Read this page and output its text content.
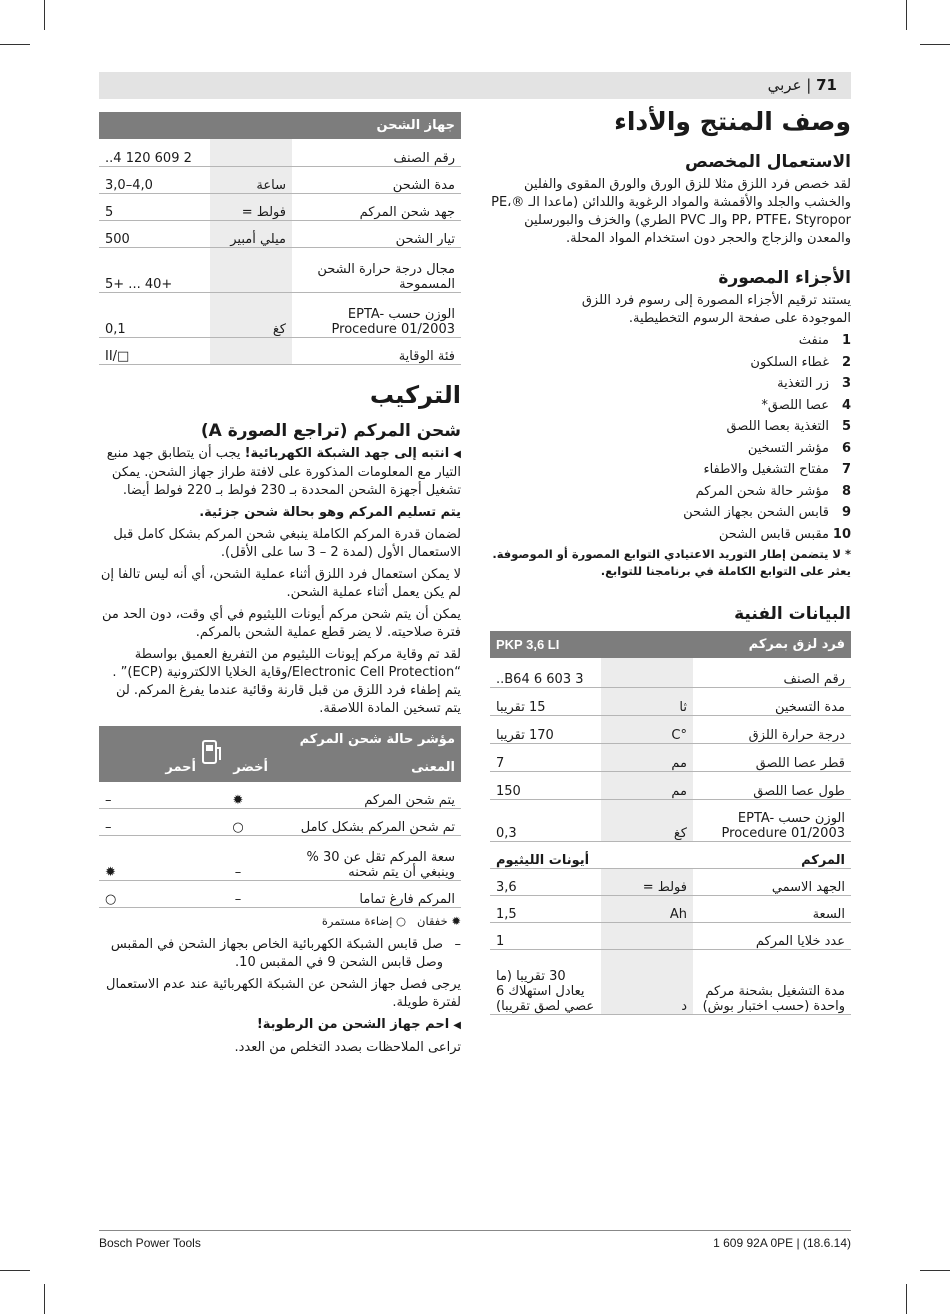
71 | عربي
وصف المنتج والأداء
الاستعمال المخصص

لقد خصص فرد اللزق مثلا للزق الورق والورق المقوى والفلين والخشب والجلد والأقمشة والمواد الرغوية واللدائن (ماعدا الـ ®PE، PP، PTFE، Styropor والـ PVC الطري) والخزف والبورسلين والمعدن والزجاج والحجر دون استخدام المواد المحلة.

الأجزاء المصورة

يستند ترقيم الأجزاء المصورة إلى رسوم فرد اللزق الموجودة على صفحة الرسوم التخطيطية.

1منفث
2غطاء السلكون
3زر التغذية
4عصا اللصق*
5التغذية بعصا اللصق
6مؤشر التسخين
7مفتاح التشغيل والاطفاء
8مؤشر حالة شحن المركم
9قابس الشحن بجهاز الشحن
10مقبس قابس الشحن

* لا يتضمن إطار التوريد الاعتيادي التوابع المصورة أو الموصوفة. يعثر على التوابع الكاملة في برنامجنا للتوابع.

البيانات الفنية
فرد لزق بمركم		PKP 3,6 LI
رقم الصنف		3 603 B64 6..
مدة التسخين	ثا	15 تقريبا
درجة حرارة اللزق	°C	170 تقريبا
قطر عصا اللصق	مم	7
طول عصا اللصق	مم	150
الوزن حسب EPTA-Procedure 01/2003	كغ	0,3
المركم		أيونات الليثيوم
الجهد الاسمي	فولط =	3,6
السعة	Ah	1,5
عدد خلايا المركم		1
مدة التشغيل بشحنة مركم واحدة (حسب اختبار بوش)	د	30 تقريبا (ما يعادل استهلاك 6 عصي لصق تقريبا)
جهاز الشحن		
رقم الصنف		2 609 120 4..
مدة الشحن	ساعة	4,0–3,0
جهد شحن المركم	فولط =	5
تيار الشحن	ميلي أمبير	500
مجال درجة حرارة الشحن المسموحة		+40 ... +5
الوزن حسب EPTA-Procedure 01/2003	كغ	0,1
فئة الوقاية		□/II
التركيب
شحن المركم (تراجع الصورة A)

◀ انتبه إلى جهد الشبكة الكهربائية! يجب أن يتطابق جهد منبع التيار مع المعلومات المذكورة على لافتة طراز جهاز الشحن. يمكن تشغيل أجهزة الشحن المحددة بـ 230 فولط بـ 220 فولط أيضا.

يتم تسليم المركم وهو بحالة شحن جزئية.

لضمان قدرة المركم الكاملة ينبغي شحن المركم بشكل كامل قبل الاستعمال الأول (لمدة 2 – 3 سا على الأقل).

لا يمكن استعمال فرد اللزق أثناء عملية الشحن، أي أنه ليس تالفا إن لم يكن يعمل أثناء عملية الشحن.

يمكن أن يتم شحن مركم أيونات الليثيوم في أي وقت، دون الحد من فترة صلاحيته. لا يضر قطع عملية الشحن بالمركم.

لقد تم وقاية مركم إيونات الليثيوم من التفريغ العميق بواسطة “Electronic Cell Protection/وقاية الخلايا الالكترونية (ECP)” . يتم إطفاء فرد اللزق من قبل قارنة وقائية عندما يفرغ المركم. لن يتم تسخين المادة اللاصقة.

مؤشر حالة شحن المركم		
المعنى	أخضر	أحمر
يتم شحن المركم	✹	–
تم شحن المركم بشكل كامل	○	–
سعة المركم تقل عن 30 % وينبغي أن يتم شحنه	–	✹
المركم فارغ تماما	–	○

✹ خفقان   ○ إضاءة مستمرة

–
صل قابس الشبكة الكهربائية الخاص بجهاز الشحن في المقبس وصل قابس الشحن 9 في المقبس 10.

يرجى فصل جهاز الشحن عن الشبكة الكهربائية عند عدم الاستعمال لفترة طويلة.

◀ احم جهاز الشحن من الرطوبة!

تراعى الملاحظات بصدد التخلص من العدد.

Bosch Power Tools	1 609 92A 0PE | (18.6.14)
